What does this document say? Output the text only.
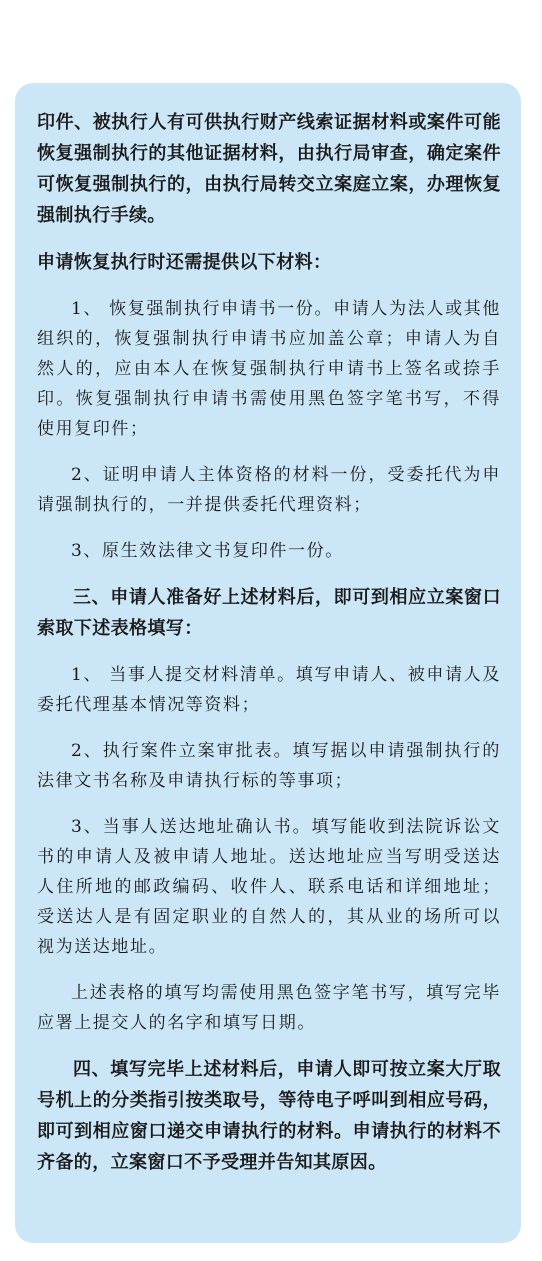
印件、被执行人有可供执行财产线索证据材料或案件可能恢复强制执行的其他证据材料，由执行局审查，确定案件可恢复强制执行的，由执行局转交立案庭立案，办理恢复强制执行手续。

申请恢复执行时还需提供以下材料：

1、 恢复强制执行申请书一份。申请人为法人或其他组织的，恢复强制执行申请书应加盖公章；申请人为自然人的，应由本人在恢复强制执行申请书上签名或捺手印。恢复强制执行申请书需使用黑色签字笔书写，不得使用复印件；

2、证明申请人主体资格的材料一份，受委托代为申请强制执行的，一并提供委托代理资料；

3、原生效法律文书复印件一份。

三、申请人准备好上述材料后，即可到相应立案窗口索取下述表格填写：

1、 当事人提交材料清单。填写申请人、被申请人及委托代理基本情况等资料；

2、执行案件立案审批表。填写据以申请强制执行的法律文书名称及申请执行标的等事项；

3、当事人送达地址确认书。填写能收到法院诉讼文书的申请人及被申请人地址。送达地址应当写明受送达人住所地的邮政编码、收件人、联系电话和详细地址；受送达人是有固定职业的自然人的，其从业的场所可以视为送达地址。

上述表格的填写均需使用黑色签字笔书写，填写完毕应署上提交人的名字和填写日期。

四、填写完毕上述材料后，申请人即可按立案大厅取号机上的分类指引按类取号，等待电子呼叫到相应号码，即可到相应窗口递交申请执行的材料。申请执行的材料不齐备的，立案窗口不予受理并告知其原因。
